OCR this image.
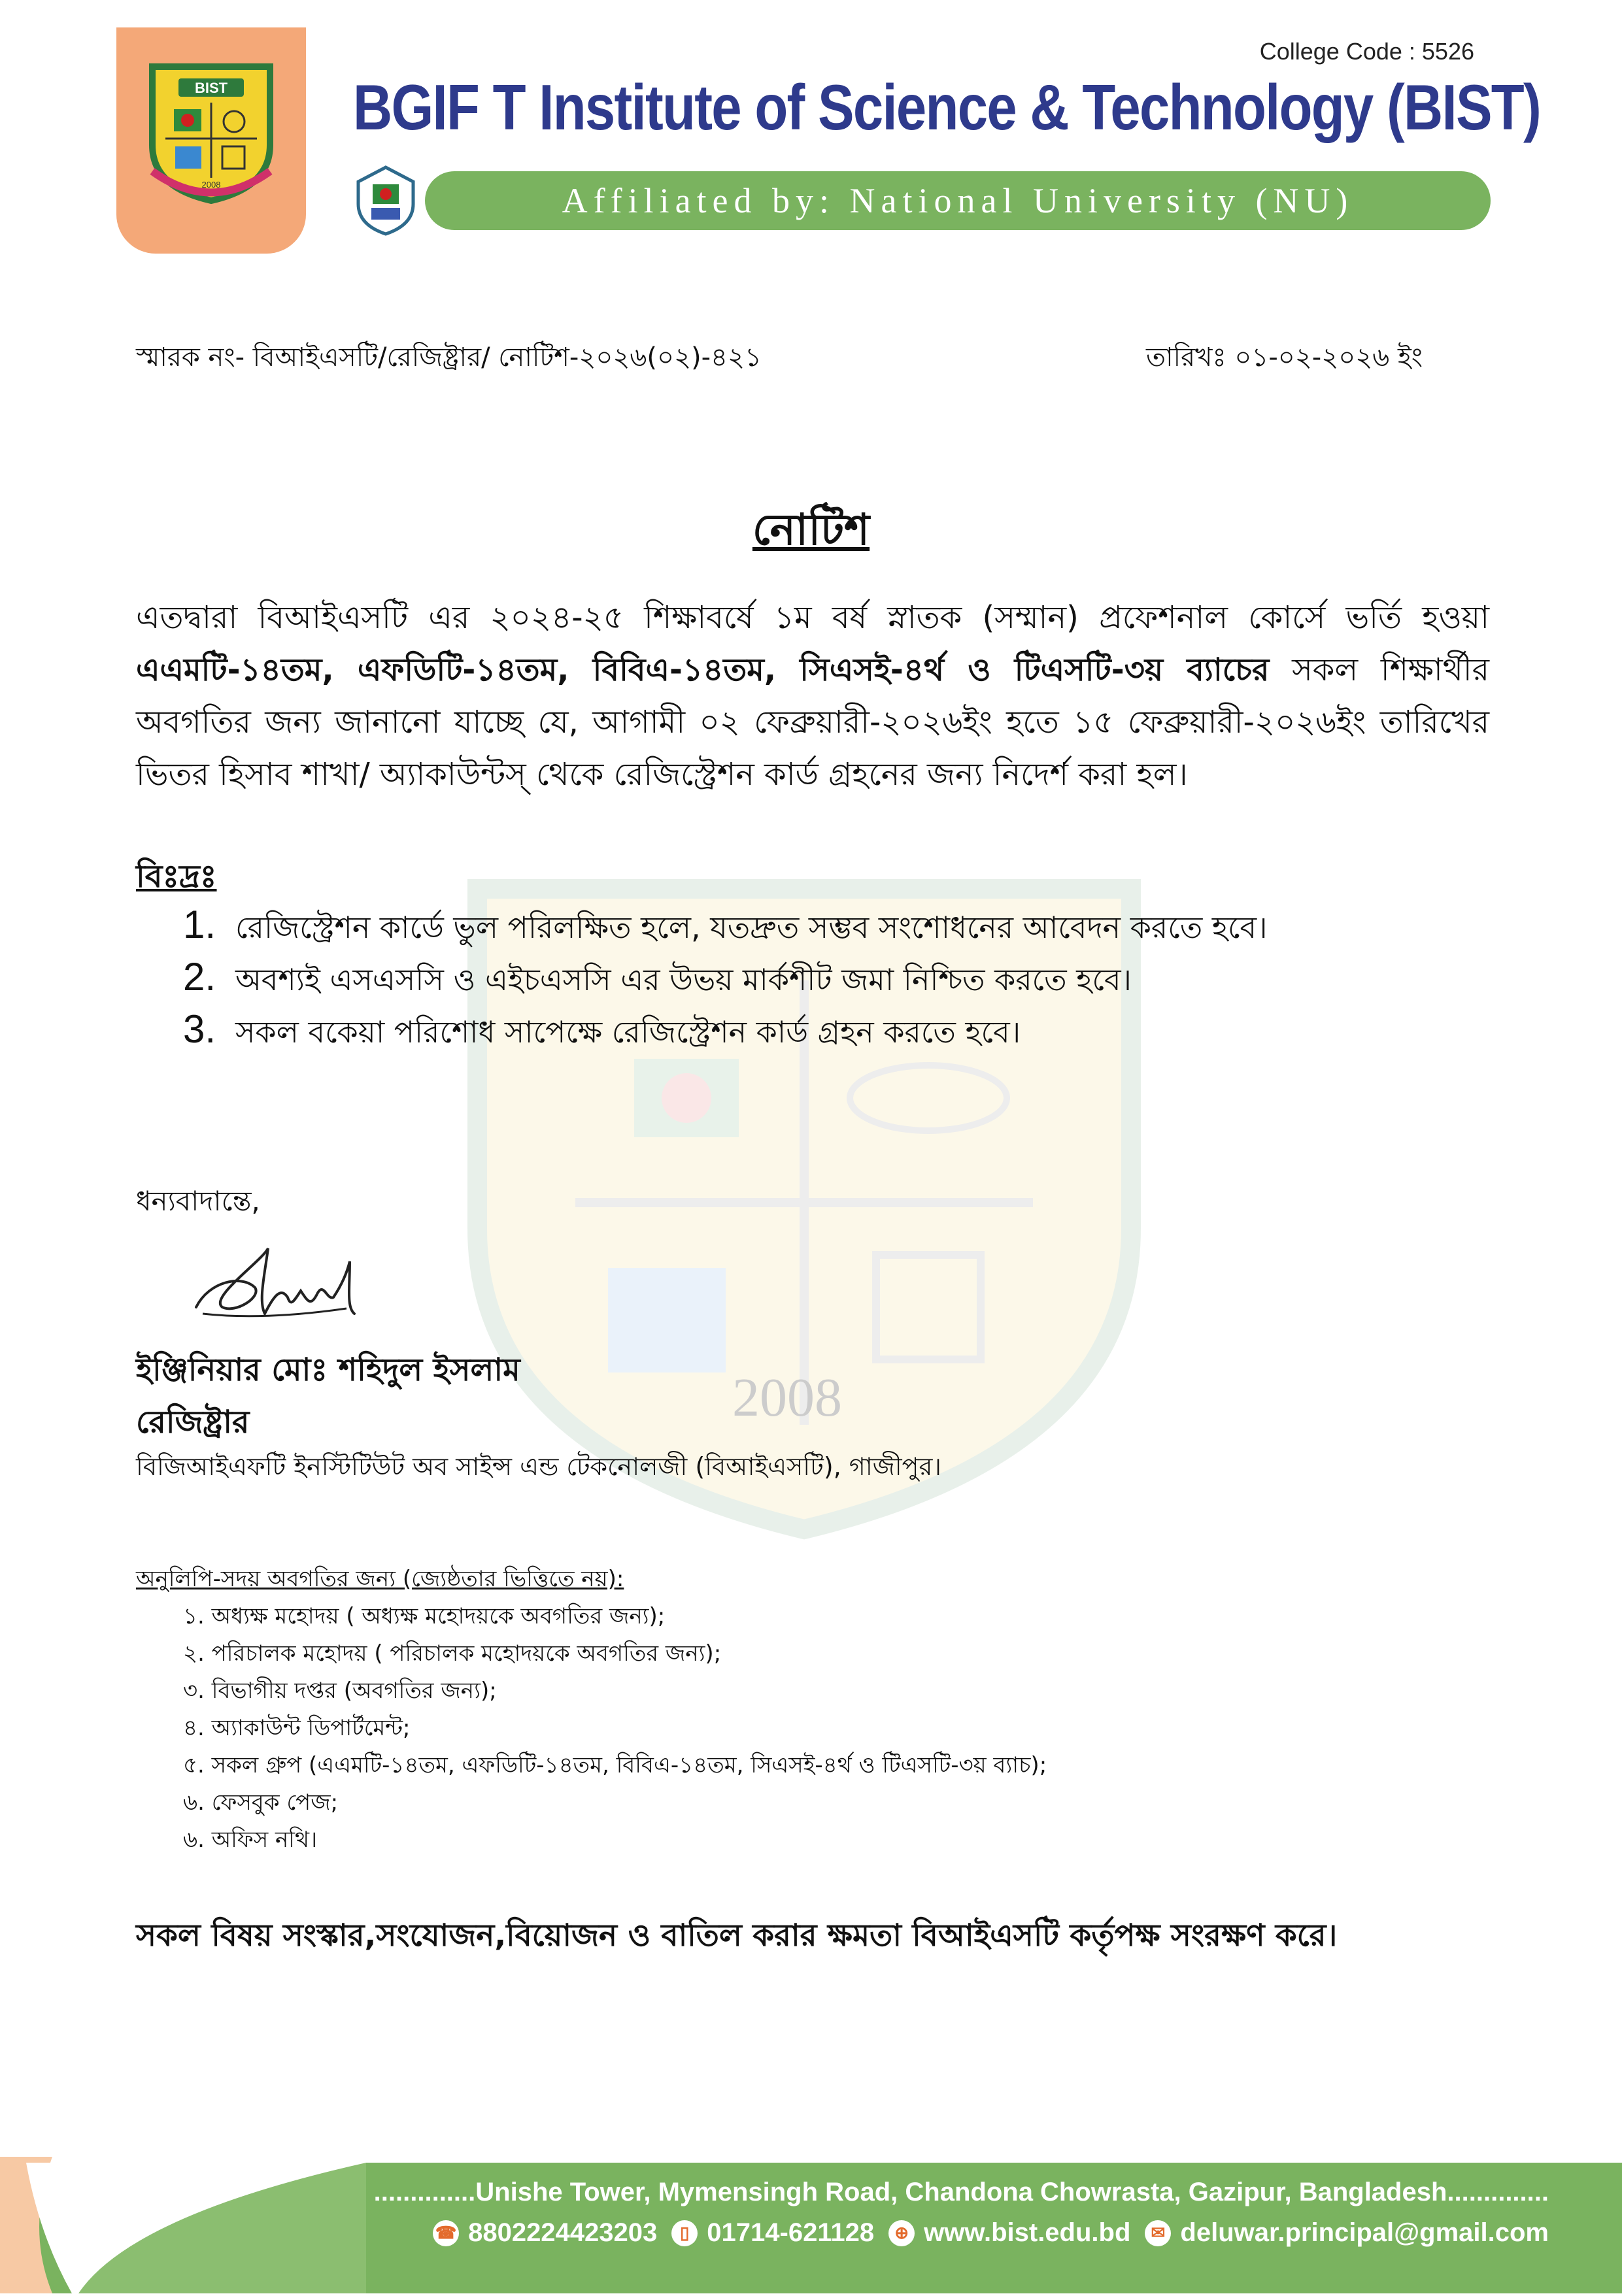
2008
BIST
2008
College Code : 5526
BGIF T Institute of Science & Technology (BIST)
Affiliated by: National University (NU)
স্মারক নং- বিআইএসটি/রেজিষ্ট্রার/ নোটিশ-২০২৬(০২)-৪২১	তারিখঃ ০১-০২-২০২৬ ইং
নোটিশ
এতদ্বারা বিআইএসটি এর ২০২৪-২৫ শিক্ষাবর্ষে ১ম বর্ষ স্নাতক (সম্মান) প্রফেশনাল কোর্সে ভর্তি হওয়া এএমটি-১৪তম, এফডিটি-১৪তম, বিবিএ-১৪তম, সিএসই-৪র্থ ও টিএসটি-৩য় ব্যাচের সকল শিক্ষার্থীর অবগতির জন্য জানানো যাচ্ছে যে, আগামী ০২ ফেব্রুয়ারী-২০২৬ইং হতে ১৫ ফেব্রুয়ারী-২০২৬ইং তারিখের ভিতর হিসাব শাখা/ অ্যাকাউন্টস্‌ থেকে রেজিস্ট্রেশন কার্ড গ্রহনের জন্য নিদের্শ করা হল।
বিঃদ্রঃ
1. রেজিস্ট্রেশন কার্ডে ভুল পরিলক্ষিত হলে, যতদ্রুত সম্ভব সংশোধনের আবেদন করতে হবে।
2. অবশ্যই এসএসসি ও এইচএসসি এর উভয় মার্কশীট জমা নিশ্চিত করতে হবে।
3. সকল বকেয়া পরিশোধ সাপেক্ষে রেজিস্ট্রেশন কার্ড গ্রহন করতে হবে।
ধন্যবাদান্তে,
ইঞ্জিনিয়ার মোঃ শহিদুল ইসলাম
রেজিষ্ট্রার
বিজিআইএফটি ইনস্টিটিউট অব সাইন্স এন্ড টেকনোলজী (বিআইএসটি), গাজীপুর।
অনুলিপি-সদয় অবগতির জন্য (জ্যেষ্ঠতার ভিত্তিতে নয়):
১. অধ্যক্ষ মহোদয় ( অধ্যক্ষ মহোদয়কে অবগতির জন্য);
২. পরিচালক মহোদয় ( পরিচালক মহোদয়কে অবগতির জন্য);
৩. বিভাগীয় দপ্তর (অবগতির জন্য);
৪. অ্যাকাউন্ট ডিপার্টমেন্ট;
৫. সকল গ্রুপ (এএমটি-১৪তম, এফডিটি-১৪তম, বিবিএ-১৪তম, সিএসই-৪র্থ ও টিএসটি-৩য় ব্যাচ);
৬. ফেসবুক পেজ;
৬. অফিস নথি।
সকল বিষয় সংস্কার,সংযোজন,বিয়োজন ও বাতিল করার ক্ষমতা বিআইএসটি কর্তৃপক্ষ সংরক্ষণ করে।
..............Unishe Tower, Mymensingh Road, Chandona Chowrasta, Gazipur, Bangladesh..............
☎ 8802224423203	▯ 01714-621128	⊕ www.bist.edu.bd	✉ deluwar.principal@gmail.com
